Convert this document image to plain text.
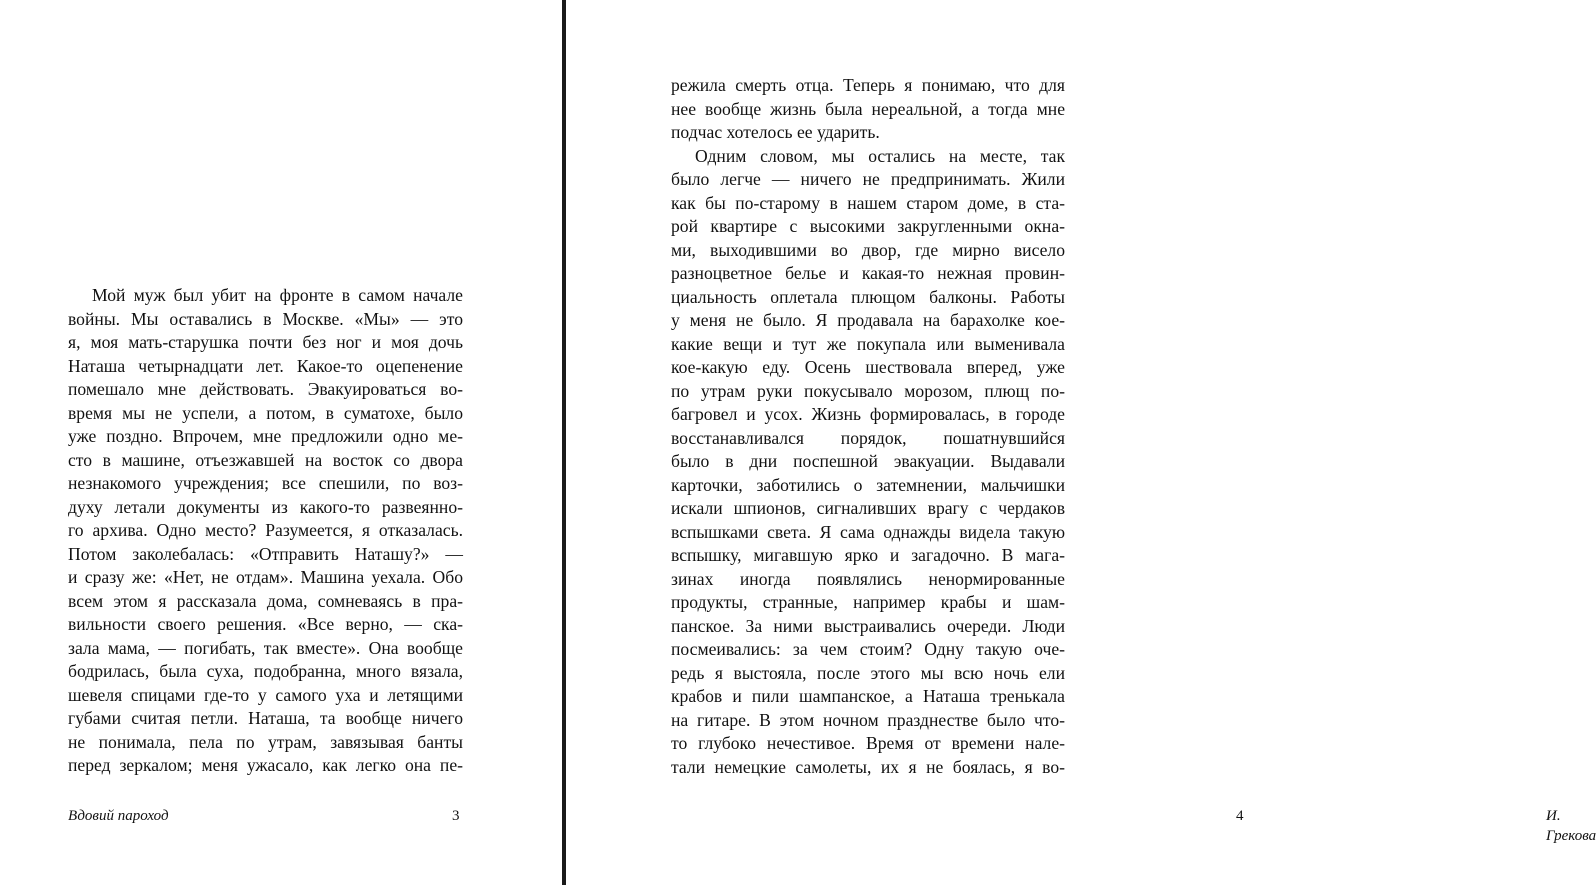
Мой муж был убит на фронте в самом начале
войны. Мы оставались в Москве. «Мы» — это
я, моя мать-старушка почти без ног и моя дочь
Наташа четырнадцати лет. Какое-то оцепенение
помешало мне действовать. Эвакуироваться во-
время мы не успели, а потом, в суматохе, было
уже поздно. Впрочем, мне предложили одно ме-
сто в машине, отъезжавшей на восток со двора
незнакомого учреждения; все спешили, по воз-
духу летали документы из какого-то развеянно-
го архива. Одно место? Разумеется, я отказалась.
Потом заколебалась: «Отправить Наташу?» —
и сразу же: «Нет, не отдам». Машина уехала. Обо
всем этом я рассказала дома, сомневаясь в пра-
вильности своего решения. «Все верно, — ска-
зала мама, — погибать, так вместе». Она вообще
бодрилась, была суха, подобранна, много вязала,
шевеля спицами где-то у самого уха и летящими
губами считая петли. Наташа, та вообще ничего
не понимала, пела по утрам, завязывая банты
перед зеркалом; меня ужасало, как легко она пе-
Вдовий пароход	3
режила смерть отца. Теперь я понимаю, что для
нее вообще жизнь была нереальной, а тогда мне
подчас хотелось ее ударить.
Одним словом, мы остались на месте, так
было легче — ничего не предпринимать. Жили
как бы по-старому в нашем старом доме, в ста-
рой квартире с высокими закругленными окна-
ми, выходившими во двор, где мирно висело
разноцветное белье и какая-то нежная провин-
циальность оплетала плющом балконы. Работы
у меня не было. Я продавала на барахолке кое-
какие вещи и тут же покупала или выменивала
кое-какую еду. Осень шествовала вперед, уже
по утрам руки покусывало морозом, плющ по-
багровел и усох. Жизнь формировалась, в городе
восстанавливался порядок, пошатнувшийся
было в дни поспешной эвакуации. Выдавали
карточки, заботились о затемнении, мальчишки
искали шпионов, сигналивших врагу с чердаков
вспышками света. Я сама однажды видела такую
вспышку, мигавшую ярко и загадочно. В мага-
зинах иногда появлялись ненормированные
продукты, странные, например крабы и шам-
панское. За ними выстраивались очереди. Люди
посмеивались: за чем стоим? Одну такую оче-
редь я выстояла, после этого мы всю ночь ели
крабов и пили шампанское, а Наташа тренькала
на гитаре. В этом ночном празднестве было что-
то глубоко нечестивое. Время от времени нале-
тали немецкие самолеты, их я не боялась, я во-
4	И. Грекова
